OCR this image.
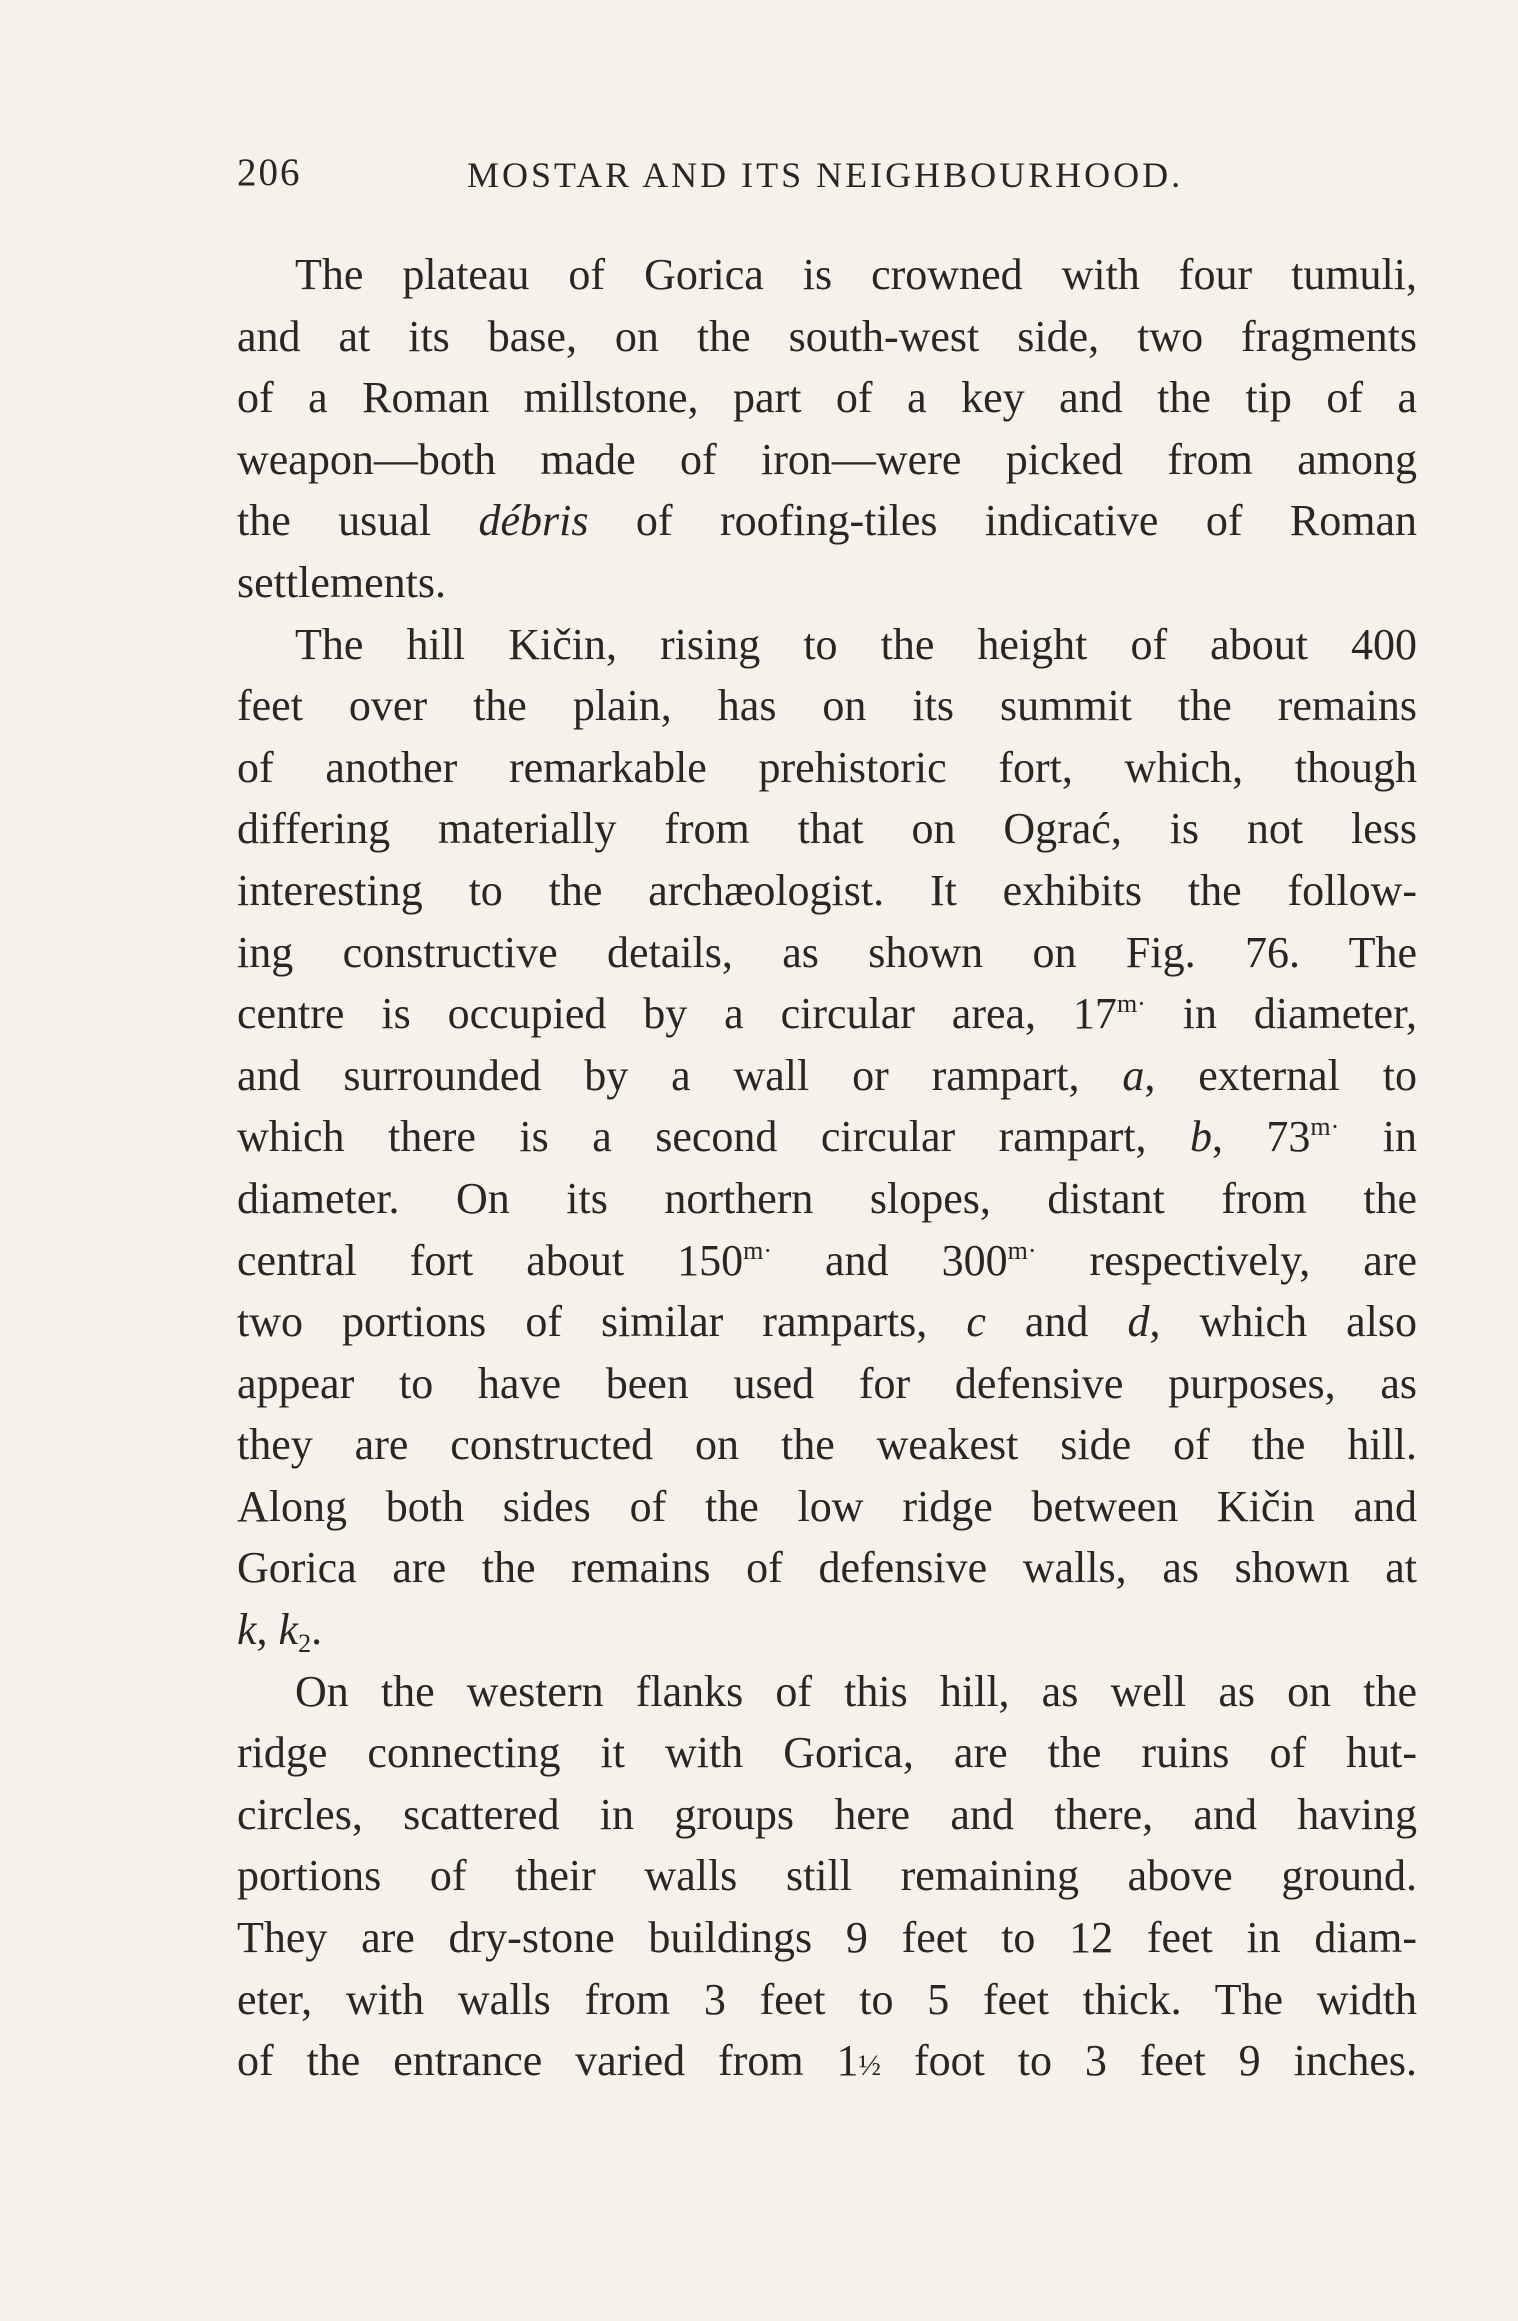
206	MOSTAR AND ITS NEIGHBOURHOOD.
The plateau of Gorica is crowned with four tumuli,
and at its base, on the south-west side, two fragments
of a Roman millstone, part of a key and the tip of a
weapon—both made of iron—were picked from among
the usual débris of roofing-tiles indicative of Roman
settlements.
The hill Kičin, rising to the height of about 400
feet over the plain, has on its summit the remains
of another remarkable prehistoric fort, which, though
differing materially from that on Ograć, is not less
interesting to the archæologist. It exhibits the follow-
ing constructive details, as shown on Fig. 76. The
centre is occupied by a circular area, $17^{m\cdot}$ in diameter,
and surrounded by a wall or rampart, a, external to
which there is a second circular rampart, b, $73^{m\cdot}$ in
diameter. On its northern slopes, distant from the
central fort about $150^{m\cdot}$ and $300^{m\cdot}$ respectively, are
two portions of similar ramparts, c and d, which also
appear to have been used for defensive purposes, as
they are constructed on the weakest side of the hill.
Along both sides of the low ridge between Kičin and
Gorica are the remains of defensive walls, as shown at
k, $k_2$.
On the western flanks of this hill, as well as on the
ridge connecting it with Gorica, are the ruins of hut-
circles, scattered in groups here and there, and having
portions of their walls still remaining above ground.
They are dry-stone buildings 9 feet to 12 feet in diam-
eter, with walls from 3 feet to 5 feet thick. The width
of the entrance varied from 1½ foot to 3 feet 9 inches.
